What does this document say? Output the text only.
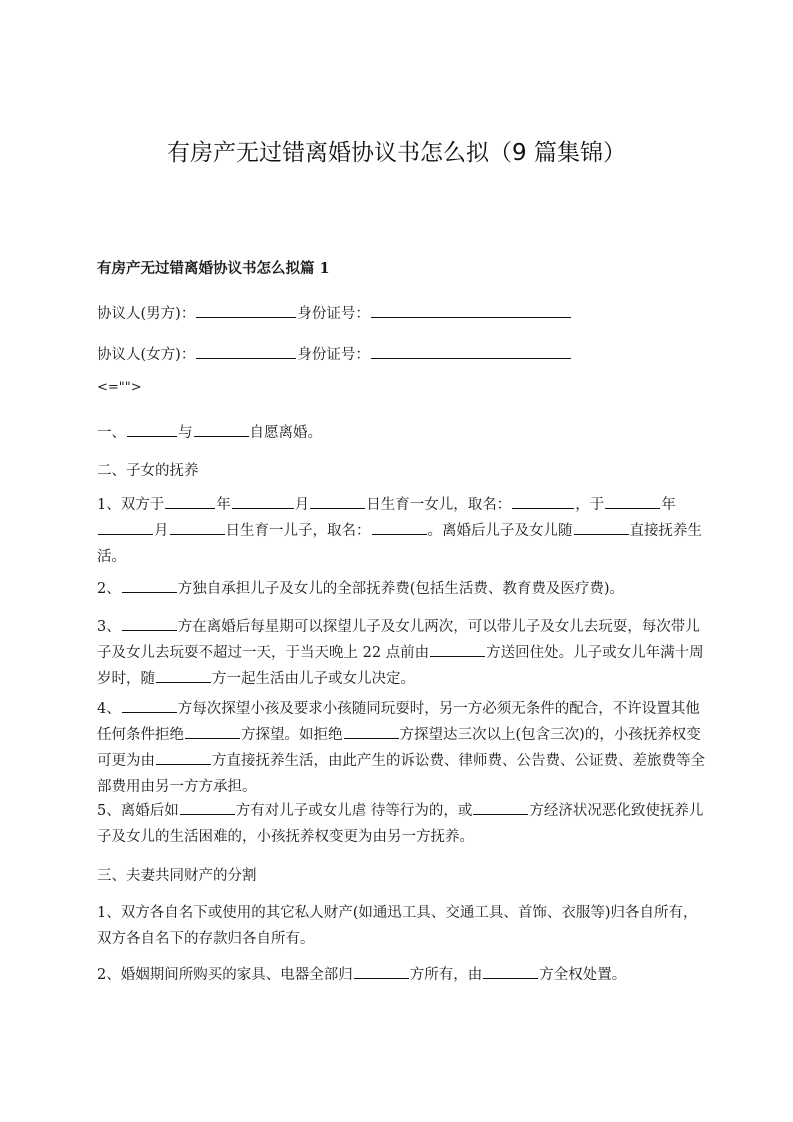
有房产无过错离婚协议书怎么拟（9 篇集锦）
有房产无过错离婚协议书怎么拟篇 1
协议人(男方)：	身份证号：
协议人(女方)：	身份证号：
<="">
一、	与	自愿离婚。
二、子女的抚养
1、双方于	年	月	日生育一女儿，取名：	，于	年
月	日生育一儿子，取名：	。离婚后儿子及女儿随	直接抚养生活。
2、	方独自承担儿子及女儿的全部抚养费(包括生活费、教育费及医疗费)。
3、	方在离婚后每星期可以探望儿子及女儿两次，可以带儿子及女儿去玩耍，每次带儿子及女儿去玩耍不超过一天，于当天晚上 22 点前由	方送回住处。儿子或女儿年满十周岁时，随	方一起生活由儿子或女儿决定。
4、	方每次探望小孩及要求小孩随同玩耍时，另一方必须无条件的配合，不许设置其他任何条件拒绝	方探望。如拒绝	方探望达三次以上(包含三次)的，小孩抚养权变可更为由	方直接抚养生活，由此产生的诉讼费、律师费、公告费、公证费、差旅费等全部费用由另一方方承担。
5、离婚后如	方有对儿子或女儿虐 待等行为的，或	方经济状况恶化致使抚养儿子及女儿的生活困难的，小孩抚养权变更为由另一方抚养。
三、夫妻共同财产的分割
1、双方各自名下或使用的其它私人财产(如通迅工具、交通工具、首饰、衣服等)归各自所有，双方各自名下的存款归各自所有。
2、婚姻期间所购买的家具、电器全部归	方所有，由	方全权处置。
